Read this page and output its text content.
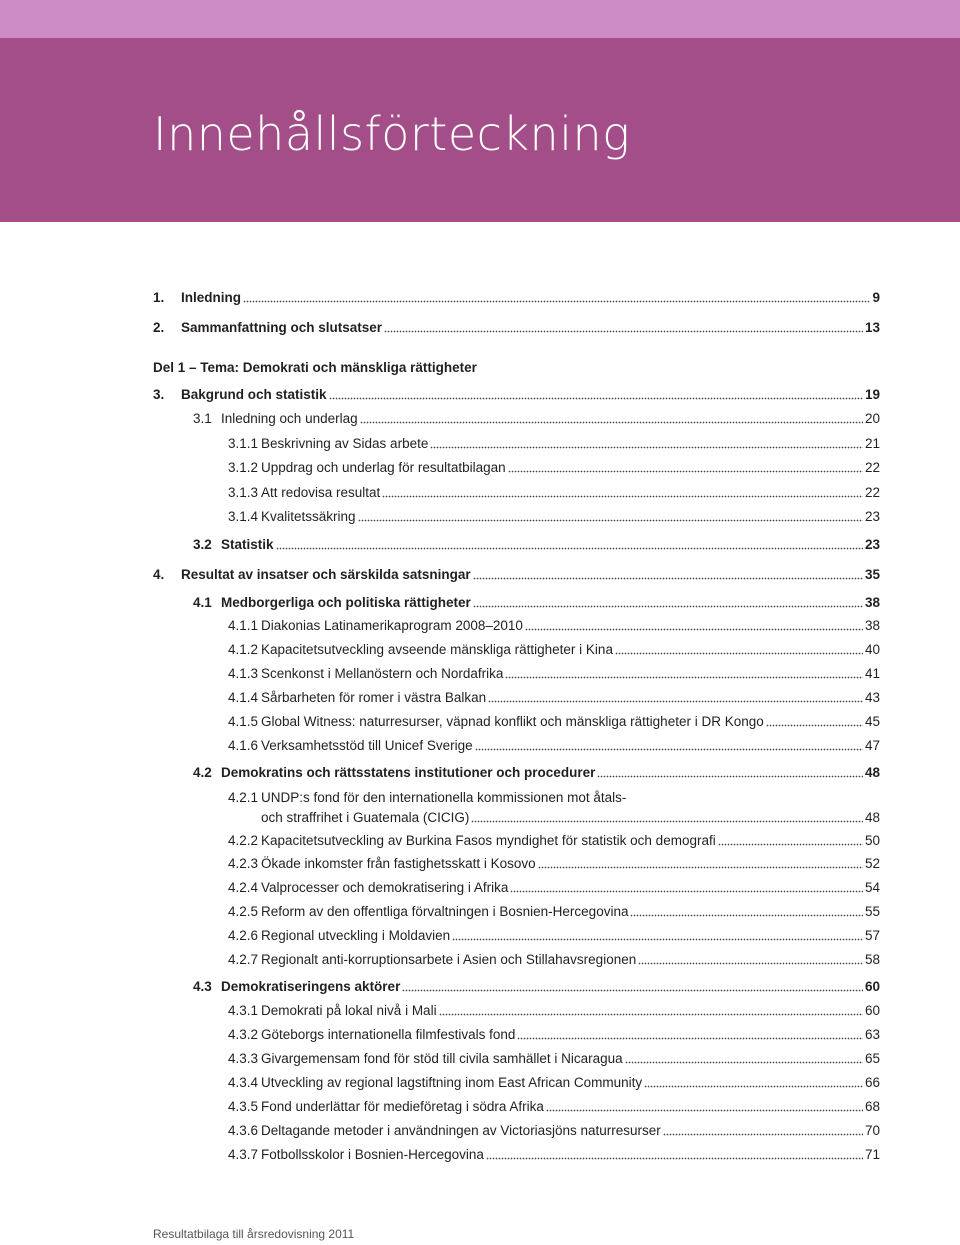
Innehållsförteckning
1.	Inledning	9
2.	Sammanfattning och slutsatser	13
Del 1 – Tema: Demokrati och mänskliga rättigheter
3.	Bakgrund och statistik	19
3.1 Inledning och underlag	20
3.1.1 Beskrivning av Sidas arbete	21
3.1.2 Uppdrag och underlag för resultatbilagan	22
3.1.3 Att redovisa resultat	22
3.1.4 Kvalitetssäkring	23
3.2 Statistik	23
4.	Resultat av insatser och särskilda satsningar	35
4.1 Medborgerliga och politiska rättigheter	38
4.1.1 Diakonias Latinamerikaprogram 2008–2010	38
4.1.2 Kapacitetsutveckling avseende mänskliga rättigheter i Kina	40
4.1.3 Scenkonst i Mellanöstern och Nordafrika	41
4.1.4 Sårbarheten för romer i västra Balkan	43
4.1.5 Global Witness: naturresurser, väpnad konflikt och mänskliga rättigheter i DR Kongo	45
4.1.6 Verksamhetsstöd till Unicef Sverige	47
4.2 Demokratins och rättsstatens institutioner och procedurer	48
4.2.1 UNDP:s fond för den internationella kommissionen mot åtals-
och straffrihet i Guatemala (CICIG)	48
4.2.2 Kapacitetsutveckling av Burkina Fasos myndighet för statistik och demografi	50
4.2.3 Ökade inkomster från fastighetsskatt i Kosovo	52
4.2.4 Valprocesser och demokratisering i Afrika	54
4.2.5 Reform av den offentliga förvaltningen i Bosnien-Hercegovina	55
4.2.6 Regional utveckling i Moldavien	57
4.2.7 Regionalt anti-korruptionsarbete i Asien och Stillahavsregionen	58
4.3 Demokratiseringens aktörer	60
4.3.1 Demokrati på lokal nivå i Mali	60
4.3.2 Göteborgs internationella filmfestivals fond	63
4.3.3 Givargemensam fond för stöd till civila samhället i Nicaragua	65
4.3.4 Utveckling av regional lagstiftning inom East African Community	66
4.3.5 Fond underlättar för medieföretag i södra Afrika	68
4.3.6 Deltagande metoder i användningen av Victoriasjöns naturresurser	70
4.3.7 Fotbollsskolor i Bosnien-Hercegovina	71
Resultatbilaga till årsredovisning 2011
